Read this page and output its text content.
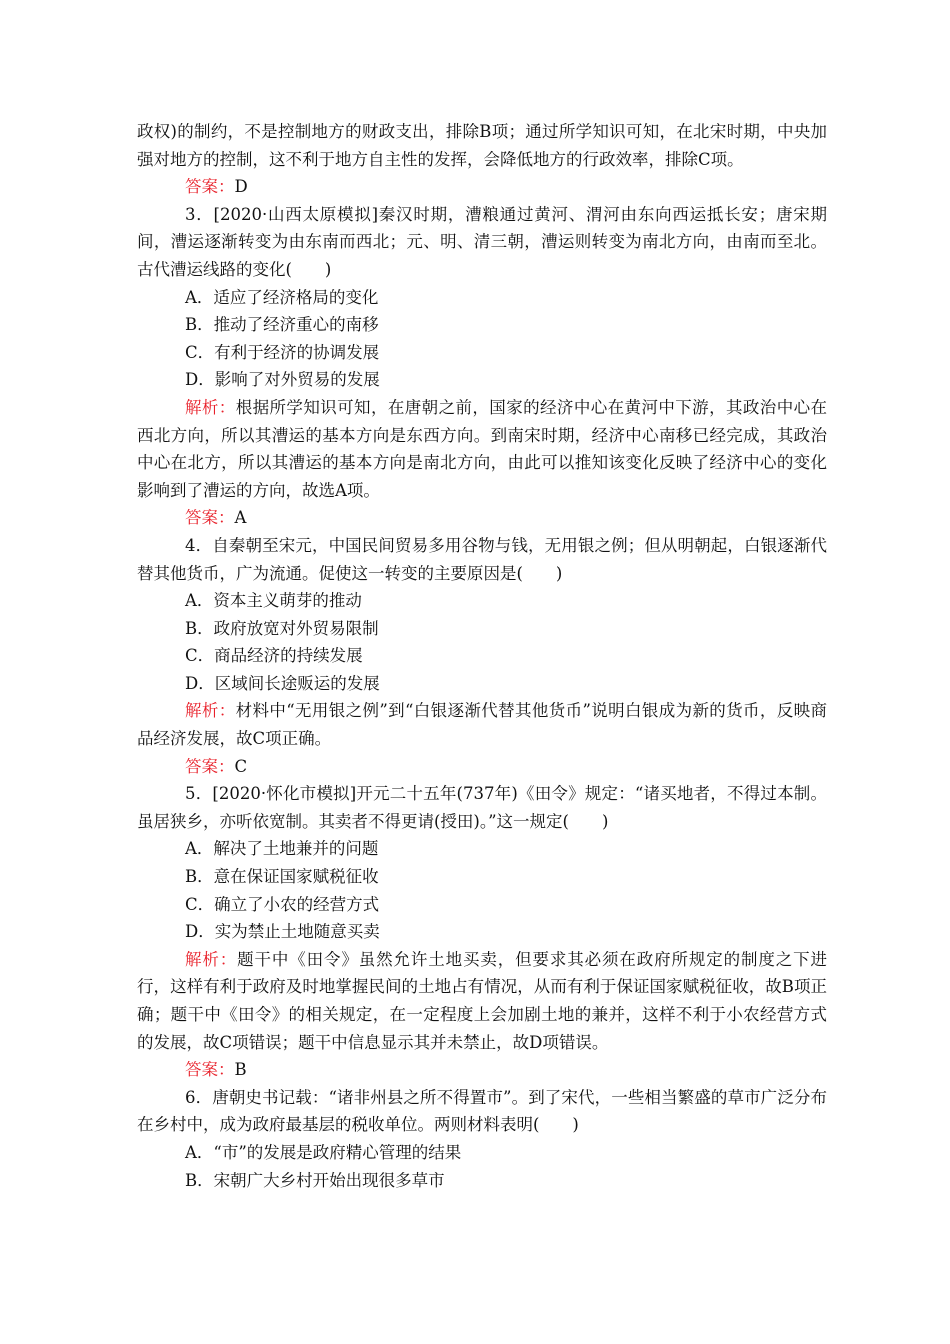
政权)的制约，不是控制地方的财政支出，排除B项；通过所学知识可知，在北宋时期，中央加强对地方的控制，这不利于地方自主性的发挥，会降低地方的行政效率，排除C项。

答案：D

3．[2020·山西太原模拟]秦汉时期，漕粮通过黄河、渭河由东向西运抵长安；唐宋期间，漕运逐渐转变为由东南而西北；元、明、清三朝，漕运则转变为南北方向，由南而至北。古代漕运线路的变化(　　)

A．适应了经济格局的变化

B．推动了经济重心的南移

C．有利于经济的协调发展

D．影响了对外贸易的发展

解析：根据所学知识可知，在唐朝之前，国家的经济中心在黄河中下游，其政治中心在西北方向，所以其漕运的基本方向是东西方向。到南宋时期，经济中心南移已经完成，其政治中心在北方，所以其漕运的基本方向是南北方向，由此可以推知该变化反映了经济中心的变化影响到了漕运的方向，故选A项。

答案：A

4．自秦朝至宋元，中国民间贸易多用谷物与钱，无用银之例；但从明朝起，白银逐渐代替其他货币，广为流通。促使这一转变的主要原因是(　　)

A．资本主义萌芽的推动

B．政府放宽对外贸易限制

C．商品经济的持续发展

D．区域间长途贩运的发展

解析：材料中“无用银之例”到“白银逐渐代替其他货币”说明白银成为新的货币，反映商品经济发展，故C项正确。

答案：C

5．[2020·怀化市模拟]开元二十五年(737年)《田令》规定：“诸买地者，不得过本制。虽居狭乡，亦听依宽制。其卖者不得更请(授田)。”这一规定(　　)

A．解决了土地兼并的问题

B．意在保证国家赋税征收

C．确立了小农的经营方式

D．实为禁止土地随意买卖

解析：题干中《田令》虽然允许土地买卖，但要求其必须在政府所规定的制度之下进行，这样有利于政府及时地掌握民间的土地占有情况，从而有利于保证国家赋税征收，故B项正确；题干中《田令》的相关规定，在一定程度上会加剧土地的兼并，这样不利于小农经营方式的发展，故C项错误；题干中信息显示其并未禁止，故D项错误。

答案：B

6．唐朝史书记载：“诸非州县之所不得置市”。到了宋代，一些相当繁盛的草市广泛分布在乡村中，成为政府最基层的税收单位。两则材料表明(　　)

A．“市”的发展是政府精心管理的结果

B．宋朝广大乡村开始出现很多草市
